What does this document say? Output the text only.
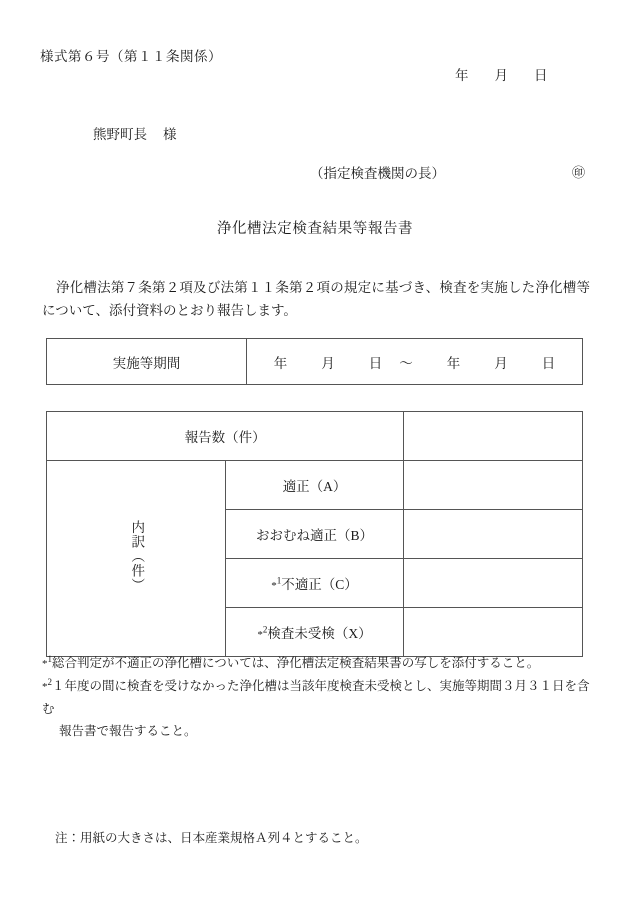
様式第６号（第１１条関係）
年 月 日
熊野町長 様
（指定検査機関の長）	㊞
浄化槽法定検査結果等報告書
浄化槽法第７条第２項及び法第１１条第２項の規定に基づき、検査を実施した浄化槽等について、添付資料のとおり報告します。
実施等期間	年	月	日 〜	年	月	日
報告数（件）		
内訳（件）	適正（A）	
	おおむね適正（B）	
	*$^1$不適正（C）	
	*$^2$検査未受検（X）	
*$^1$総合判定が不適正の浄化槽については、浄化槽法定検査結果書の写しを添付すること。
*$^2$１年度の間に検査を受けなかった浄化槽は当該年度検査未受検とし、実施等期間３月３１日を含む
報告書で報告すること。
注：用紙の大きさは、日本産業規格Ａ列４とすること。
